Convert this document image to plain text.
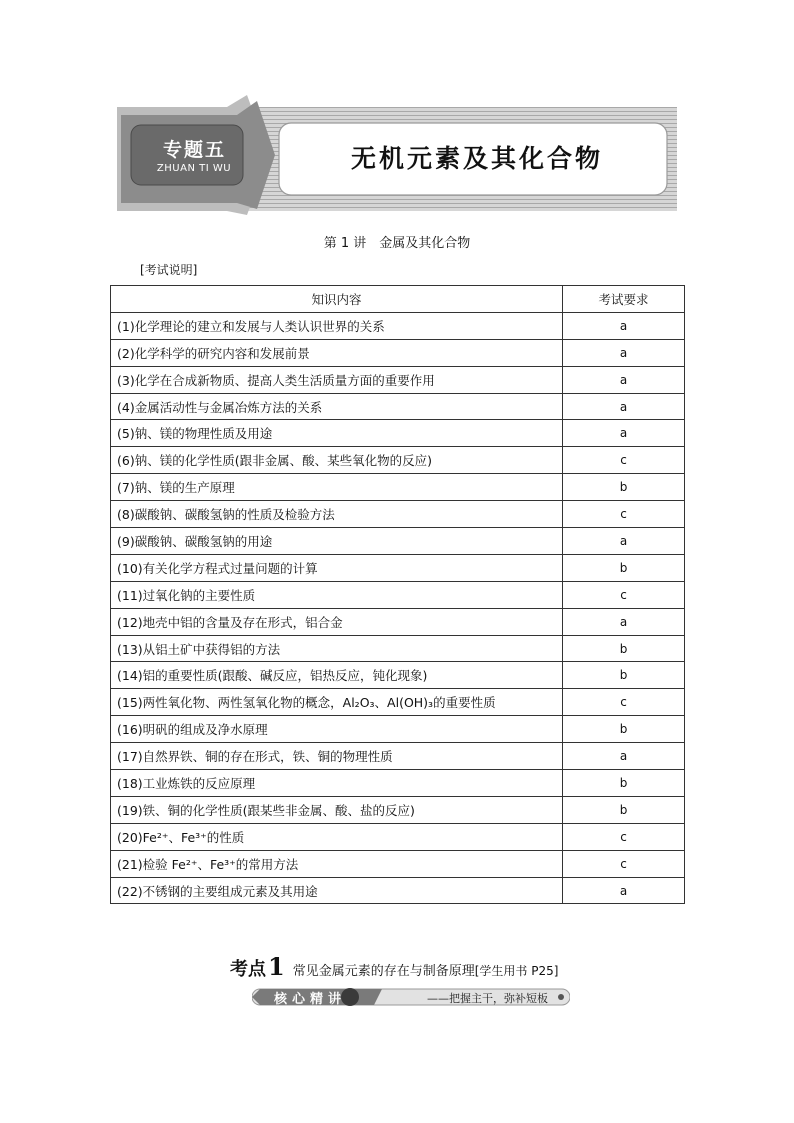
专题五
ZHUAN TI WU	无机元素及其化合物
第 1 讲　金属及其化合物
[考试说明]
知识内容	考试要求
(1)化学理论的建立和发展与人类认识世界的关系	a
(2)化学科学的研究内容和发展前景	a
(3)化学在合成新物质、提高人类生活质量方面的重要作用	a
(4)金属活动性与金属冶炼方法的关系	a
(5)钠、镁的物理性质及用途	a
(6)钠、镁的化学性质(跟非金属、酸、某些氧化物的反应)	c
(7)钠、镁的生产原理	b
(8)碳酸钠、碳酸氢钠的性质及检验方法	c
(9)碳酸钠、碳酸氢钠的用途	a
(10)有关化学方程式过量问题的计算	b
(11)过氧化钠的主要性质	c
(12)地壳中铝的含量及存在形式，铝合金	a
(13)从铝土矿中获得铝的方法	b
(14)铝的重要性质(跟酸、碱反应，铝热反应，钝化现象)	b
(15)两性氧化物、两性氢氧化物的概念，Al₂O₃、Al(OH)₃的重要性质	c
(16)明矾的组成及净水原理	b
(17)自然界铁、铜的存在形式，铁、铜的物理性质	a
(18)工业炼铁的反应原理	b
(19)铁、铜的化学性质(跟某些非金属、酸、盐的反应)	b
(20)Fe²⁺、Fe³⁺的性质	c
(21)检验 Fe²⁺、Fe³⁺的常用方法	c
(22)不锈钢的主要组成元素及其用途	a
考点1 常见金属元素的存在与制备原理[学生用书 P25]
核心精讲	——把握主干，弥补短板
